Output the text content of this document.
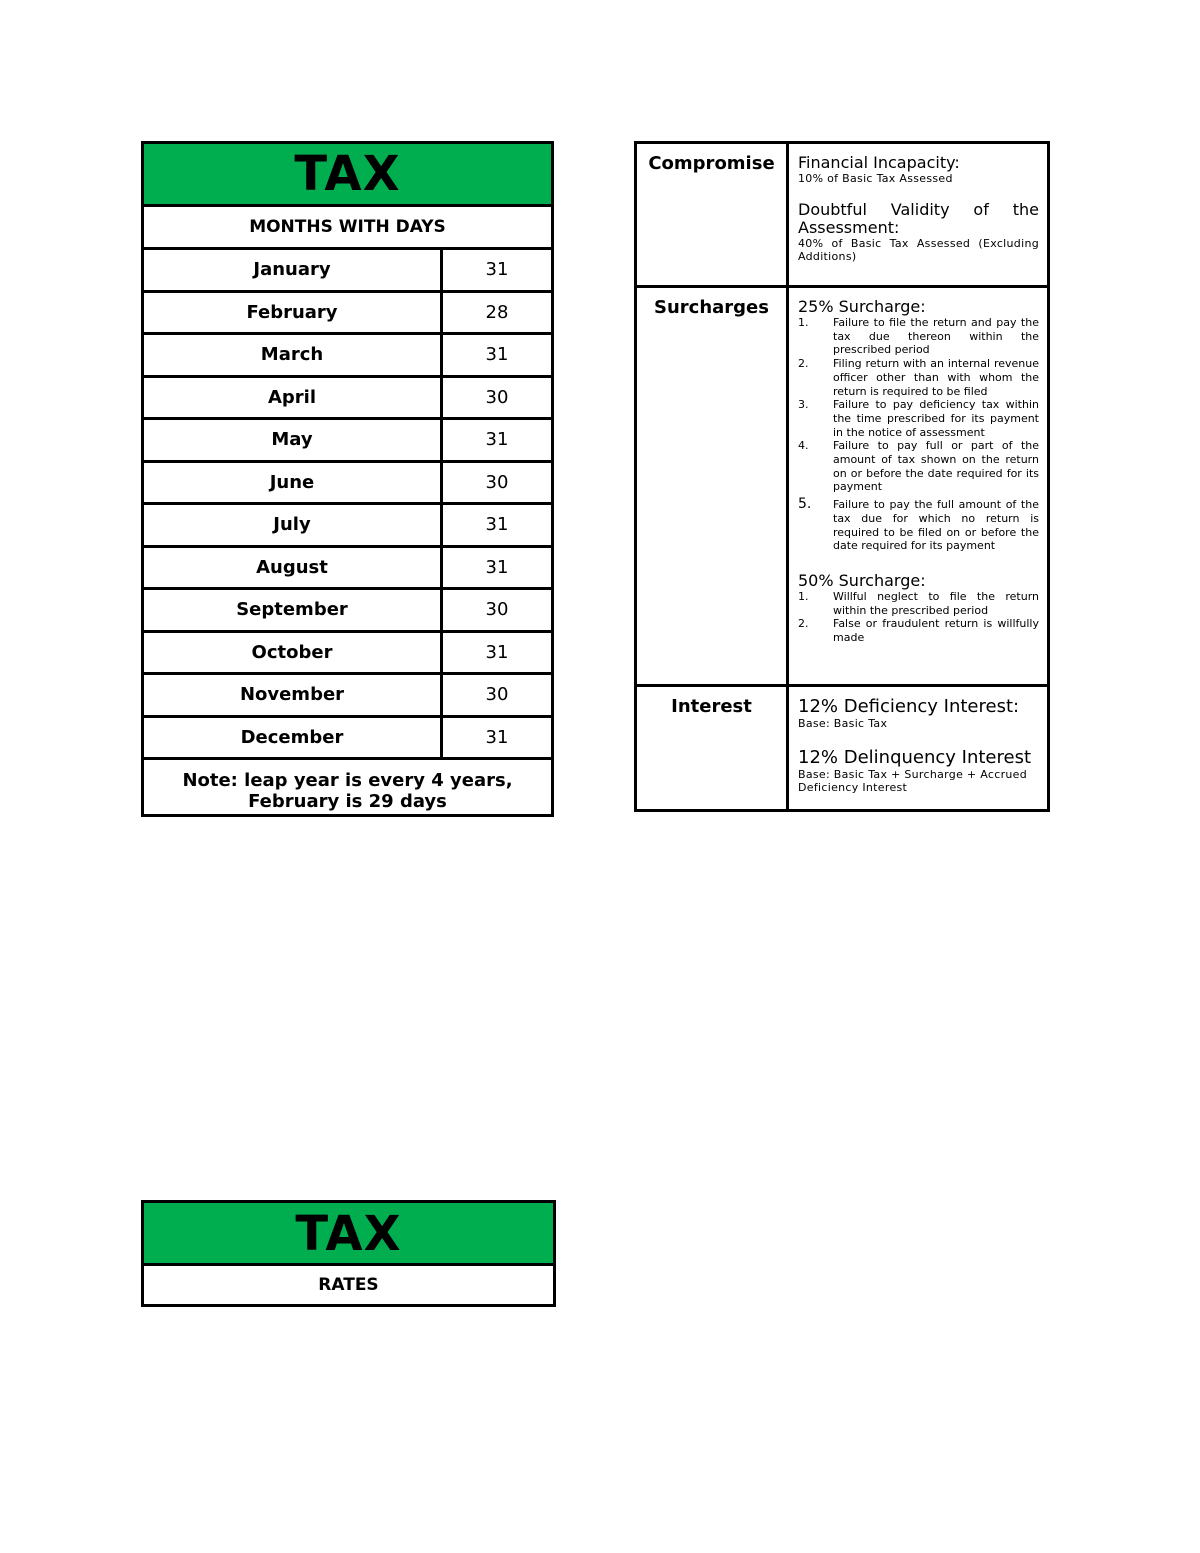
TAX
MONTHS WITH DAYS
January	31
February	28
March	31
April	30
May	31
June	30
July	31
August	31
September	30
October	31
November	30
December	31
Note: leap year is every 4 years,
February is 29 days
Compromise	Financial Incapacity:
10% of Basic Tax Assessed
Doubtful Validity of the Assessment:
40% of Basic Tax Assessed (Excluding Additions)
Surcharges	25% Surcharge:
1.	Failure to file the return and pay the tax due thereon within the prescribed period
2.	Filing return with an internal revenue officer other than with whom the return is required to be filed
3.	Failure to pay deficiency tax within the time prescribed for its payment in the notice of assessment
4.	Failure to pay full or part of the amount of tax shown on the return on or before the date required for its payment
5.	Failure to pay the full amount of the tax due for which no return is required to be filed on or before the date required for its payment
50% Surcharge:
1.	Willful neglect to file the return within the prescribed period
2.	False or fraudulent return is willfully made
Interest	12% Deficiency Interest:
Base: Basic Tax
12% Delinquency Interest
Base: Basic Tax + Surcharge + Accrued Deficiency Interest
TAX
RATES
